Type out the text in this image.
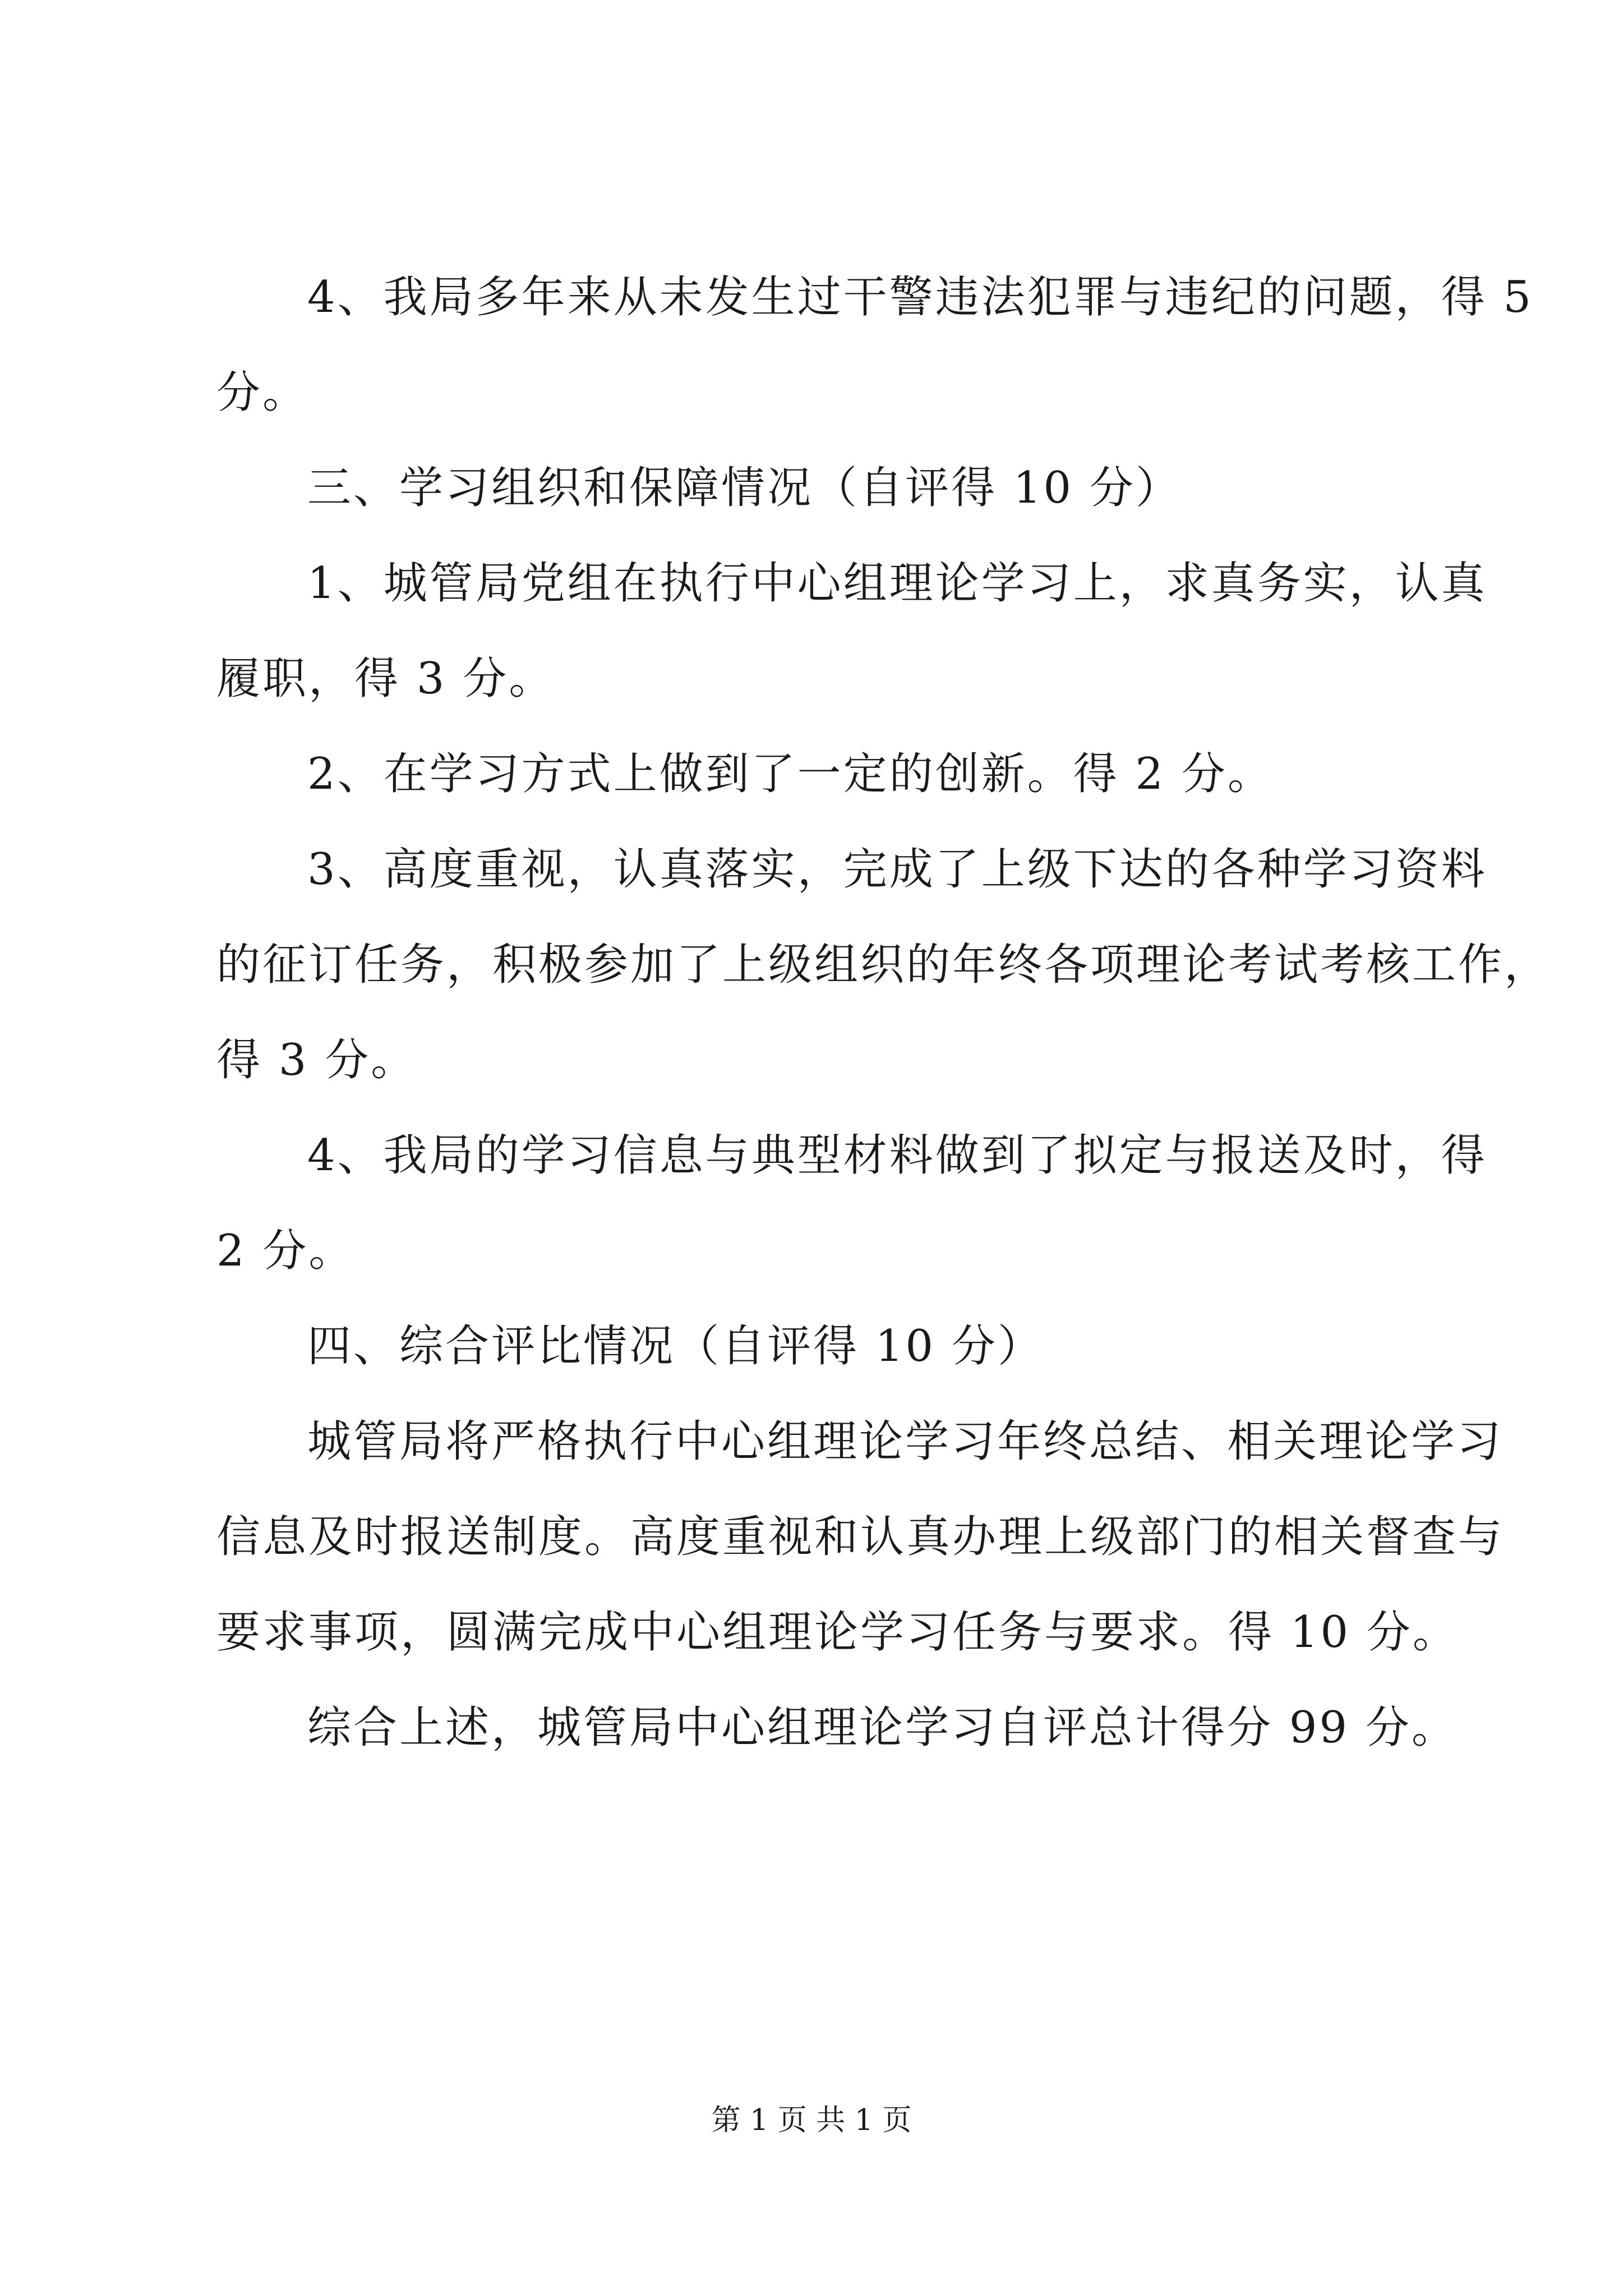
4、我局多年来从未发生过干警违法犯罪与违纪的问题，得 5
分。
三、学习组织和保障情况（自评得 10 分）
1、城管局党组在执行中心组理论学习上，求真务实，认真
履职，得 3 分。
2、在学习方式上做到了一定的创新。得 2 分。
3、高度重视，认真落实，完成了上级下达的各种学习资料
的征订任务，积极参加了上级组织的年终各项理论考试考核工作，
得 3 分。
4、我局的学习信息与典型材料做到了拟定与报送及时，得
2 分。
四、综合评比情况（自评得 10 分）
城管局将严格执行中心组理论学习年终总结、相关理论学习
信息及时报送制度。高度重视和认真办理上级部门的相关督查与
要求事项，圆满完成中心组理论学习任务与要求。得 10 分。
综合上述，城管局中心组理论学习自评总计得分 99 分。
第 1 页 共 1 页
